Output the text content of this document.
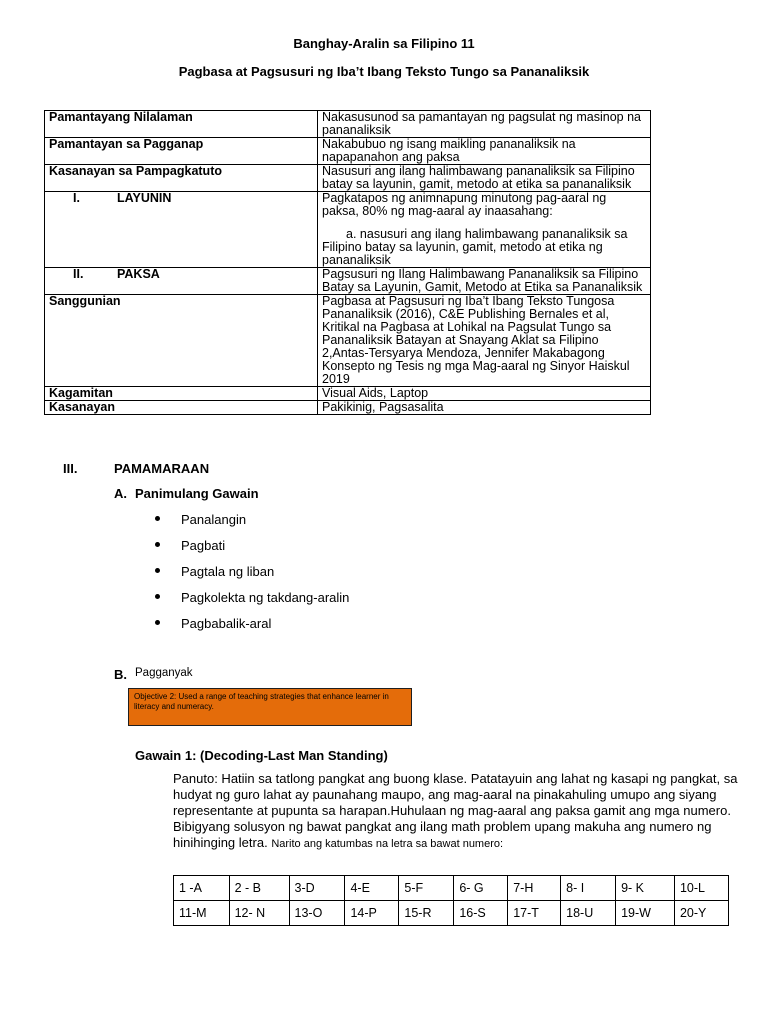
Banghay-Aralin sa Filipino 11
Pagbasa at Pagsusuri ng Iba’t Ibang Teksto Tungo sa Pananaliksik
Pamantayang Nilalaman	Nakasusunod sa pamantayan ng pagsulat ng masinop na pananaliksik
Pamantayan sa Pagganap	Nakabubuo ng isang maikling pananaliksik na napapanahon ang paksa
Kasanayan sa Pampagkatuto	Nasusuri ang ilang halimbawang pananaliksik sa Filipino batay sa layunin, gamit, metodo at etika sa pananaliksik
I. LAYUNIN	Pagkatapos ng animnapung minutong pag-aaral ng paksa, 80% ng mag-aaral ay inaasahang:
a. nasusuri ang ilang halimbawang pananaliksik sa Filipino batay sa layunin, gamit, metodo at etika ng pananaliksik

II. PAKSA	Pagsusuri ng Ilang Halimbawang Pananaliksik sa Filipino Batay sa Layunin, Gamit, Metodo at Etika sa Pananaliksik
Sanggunian	Pagbasa at Pagsusuri ng Iba’t Ibang Teksto Tungosa Pananaliksik (2016), C&E Publishing Bernales et al, Kritikal na Pagbasa at Lohikal na Pagsulat Tungo sa Pananaliksik Batayan at Snayang Aklat sa Filipino 2,Antas-Tersyarya Mendoza, Jennifer Makabagong Konsepto ng Tesis ng mga Mag-aaral ng Sinyor Haiskul 2019
Kagamitan	Visual Aids, Laptop
Kasanayan	Pakikinig, Pagsasalita
III.	PAMAMARAAN
A. Panimulang Gawain
Panalangin
Pagbati
Pagtala ng liban
Pagkolekta ng takdang-aralin
Pagbabalik-aral
B. Pagganyak
Objective 2: Used a range of teaching strategies that enhance learner in literacy and numeracy.
Gawain 1: (Decoding-Last Man Standing)
Panuto: Hatiin sa tatlong pangkat ang buong klase. Patatayuin ang lahat ng kasapi ng pangkat, sa hudyat ng guro lahat ay paunahang maupo, ang mag-aaral na pinakahuling umupo ang siyang representante at pupunta sa harapan.Huhulaan ng mag-aaral ang paksa gamit ang mga numero. Bibigyang solusyon ng bawat pangkat ang ilang math problem upang makuha ang numero ng hinihinging letra. Narito ang katumbas na letra sa bawat numero:
1 -A	2 - B	3-D	4-E	5-F	6- G	7-H	8- I	9- K	10-L
11-M	12- N	13-O	14-P	15-R	16-S	17-T	18-U	19-W	20-Y
